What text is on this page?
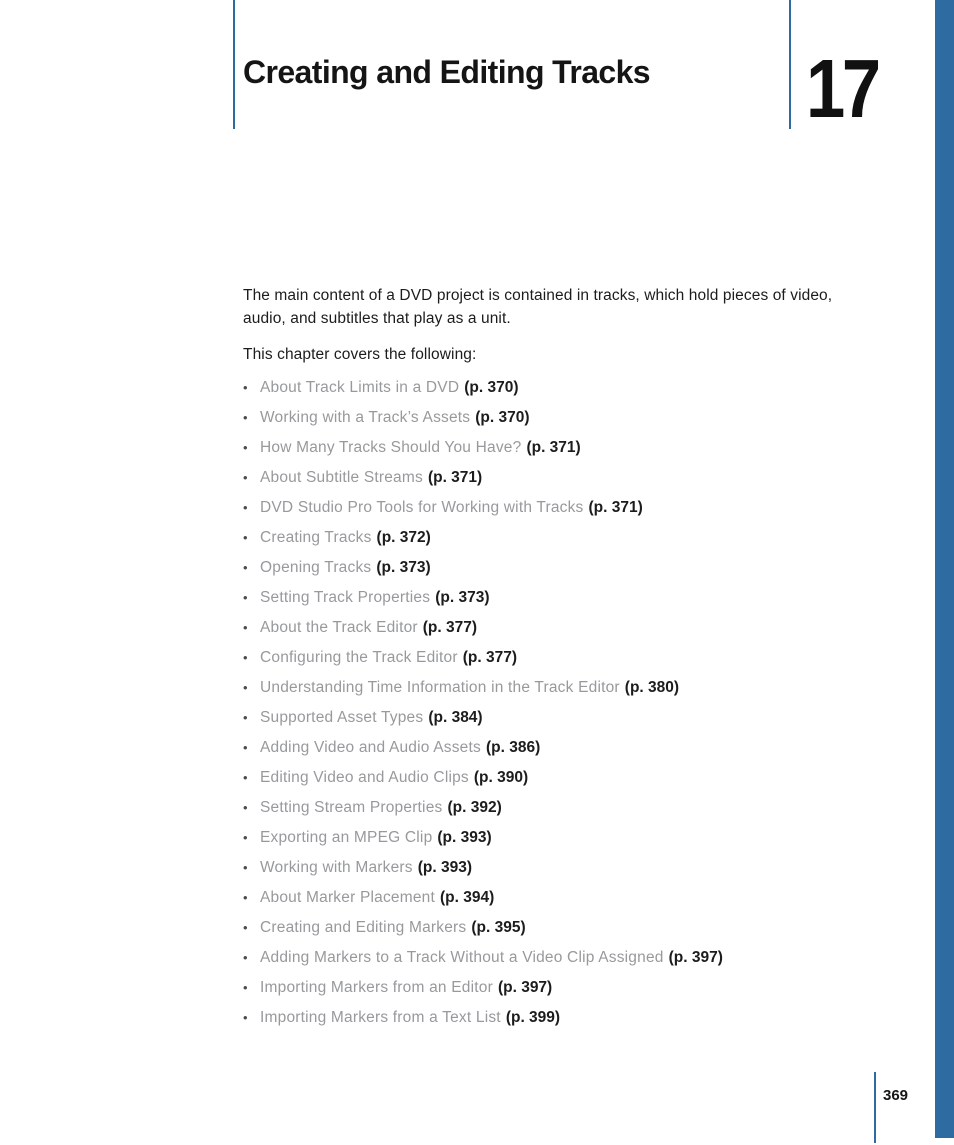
Creating and Editing Tracks 17

The main content of a DVD project is contained in tracks, which hold pieces of video, audio, and subtitles that play as a unit.

This chapter covers the following:

• About Track Limits in a DVD (p. 370)
• Working with a Track’s Assets (p. 370)
• How Many Tracks Should You Have? (p. 371)
• About Subtitle Streams (p. 371)
• DVD Studio Pro Tools for Working with Tracks (p. 371)
• Creating Tracks (p. 372)
• Opening Tracks (p. 373)
• Setting Track Properties (p. 373)
• About the Track Editor (p. 377)
• Configuring the Track Editor (p. 377)
• Understanding Time Information in the Track Editor (p. 380)
• Supported Asset Types (p. 384)
• Adding Video and Audio Assets (p. 386)
• Editing Video and Audio Clips (p. 390)
• Setting Stream Properties (p. 392)
• Exporting an MPEG Clip (p. 393)
• Working with Markers (p. 393)
• About Marker Placement (p. 394)
• Creating and Editing Markers (p. 395)
• Adding Markers to a Track Without a Video Clip Assigned (p. 397)
• Importing Markers from an Editor (p. 397)
• Importing Markers from a Text List (p. 399)
369
